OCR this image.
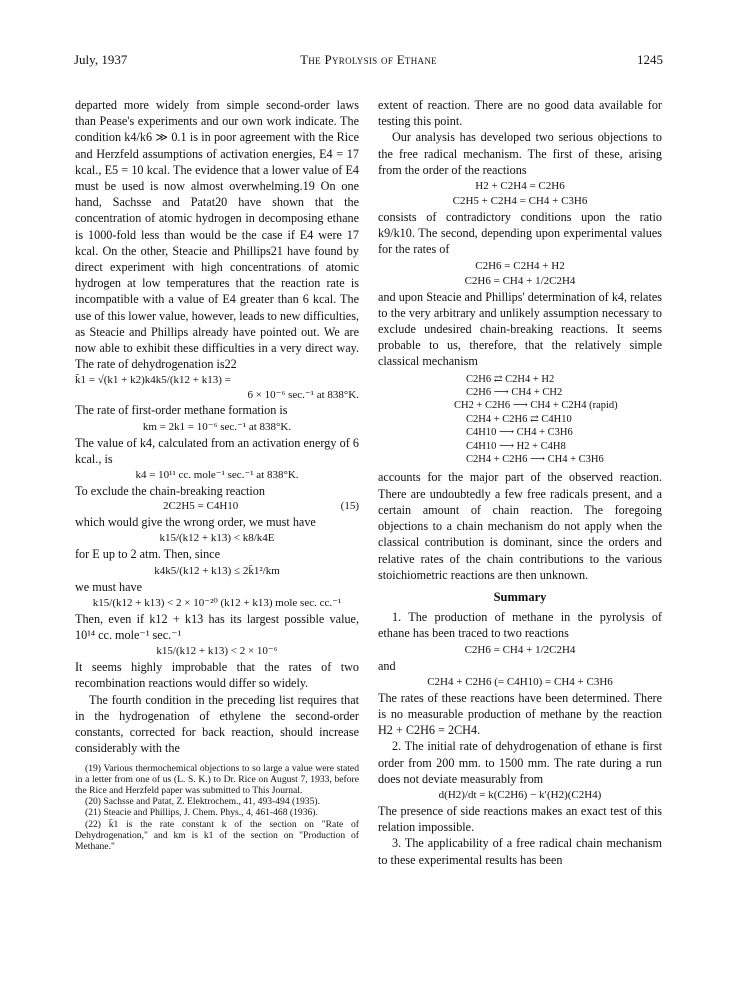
July, 1937	The Pyrolysis of Ethane	1245

departed more widely from simple second-order laws than Pease's experiments and our own work indicate. The condition k4/k6 ≫ 0.1 is in poor agreement with the Rice and Herzfeld assumptions of activation energies, E4 = 17 kcal., E5 = 10 kcal. The evidence that a lower value of E4 must be used is now almost overwhelming.19 On one hand, Sachsse and Patat20 have shown that the concentration of atomic hydrogen in decomposing ethane is 1000-fold less than would be the case if E4 were 17 kcal. On the other, Steacie and Phillips21 have found by direct experiment with high concentrations of atomic hydrogen at low temperatures that the reaction rate is incompatible with a value of E4 greater than 6 kcal. The use of this lower value, however, leads to new difficulties, as Steacie and Phillips already have pointed out. We are now able to exhibit these difficulties in a very direct way. The rate of dehydrogenation is22

k̄1 = √(k1 + k2)k4k5/(k12 + k13) =
6 × 10⁻⁶ sec.⁻¹ at 838°K.

The rate of first-order methane formation is

km = 2k1 = 10⁻⁶ sec.⁻¹ at 838°K.

The value of k4, calculated from an activation energy of 6 kcal., is

k4 = 10¹¹ cc. mole⁻¹ sec.⁻¹ at 838°K.

To exclude the chain-breaking reaction

2C2H5 = C4H10	(15)

which would give the wrong order, we must have

k15/(k12 + k13) < k8/k4E

for E up to 2 atm. Then, since

k4k5/(k12 + k13) ≤ 2k̄1²/km

we must have

k15/(k12 + k13) < 2 × 10⁻²⁰ (k12 + k13) mole sec. cc.⁻¹

Then, even if k12 + k13 has its largest possible value, 10¹⁴ cc. mole⁻¹ sec.⁻¹

k15/(k12 + k13) < 2 × 10⁻⁶

It seems highly improbable that the rates of two recombination reactions would differ so widely.

The fourth condition in the preceding list requires that in the hydrogenation of ethylene the second-order constants, corrected for back reaction, should increase considerably with the

(19) Various thermochemical objections to so large a value were stated in a letter from one of us (L. S. K.) to Dr. Rice on August 7, 1933, before the Rice and Herzfeld paper was submitted to This Journal.
(20) Sachsse and Patat, Z. Elektrochem., 41, 493-494 (1935).
(21) Steacie and Phillips, J. Chem. Phys., 4, 461-468 (1936).
(22) k̄1 is the rate constant k of the section on "Rate of Dehydrogenation," and km is k1 of the section on "Production of Methane."

extent of reaction. There are no good data available for testing this point.

Our analysis has developed two serious objections to the free radical mechanism. The first of these, arising from the order of the reactions

H2 + C2H4 = C2H6
C2H5 + C2H4 = CH4 + C3H6

consists of contradictory conditions upon the ratio k9/k10. The second, depending upon experimental values for the rates of

C2H6 = C2H4 + H2
C2H6 = CH4 + 1/2C2H4

and upon Steacie and Phillips' determination of k4, relates to the very arbitrary and unlikely assumption necessary to exclude undesired chain-breaking reactions. It seems probable to us, therefore, that the relatively simple classical mechanism

C2H6 ⇄ C2H4 + H2
C2H6 ⟶ CH4 + CH2
CH2 + C2H6 ⟶ CH4 + C2H4 (rapid)
C2H4 + C2H6 ⇄ C4H10
C4H10 ⟶ CH4 + C3H6
C4H10 ⟶ H2 + C4H8
C2H4 + C2H6 ⟶ CH4 + C3H6

accounts for the major part of the observed reaction. There are undoubtedly a few free radicals present, and a certain amount of chain reaction. The foregoing objections to a chain mechanism do not apply when the classical contribution is dominant, since the orders and relative rates of the chain contributions to the various stoichiometric reactions are then unknown.

Summary

1. The production of methane in the pyrolysis of ethane has been traced to two reactions

C2H6 = CH4 + 1/2C2H4

and

C2H4 + C2H6 (= C4H10) = CH4 + C3H6

The rates of these reactions have been determined. There is no measurable production of methane by the reaction H2 + C2H6 = 2CH4.

2. The initial rate of dehydrogenation of ethane is first order from 200 mm. to 1500 mm. The rate during a run does not deviate measurably from

d(H2)/dt = k(C2H6) − k′(H2)(C2H4)

The presence of side reactions makes an exact test of this relation impossible.

3. The applicability of a free radical chain mechanism to these experimental results has been
